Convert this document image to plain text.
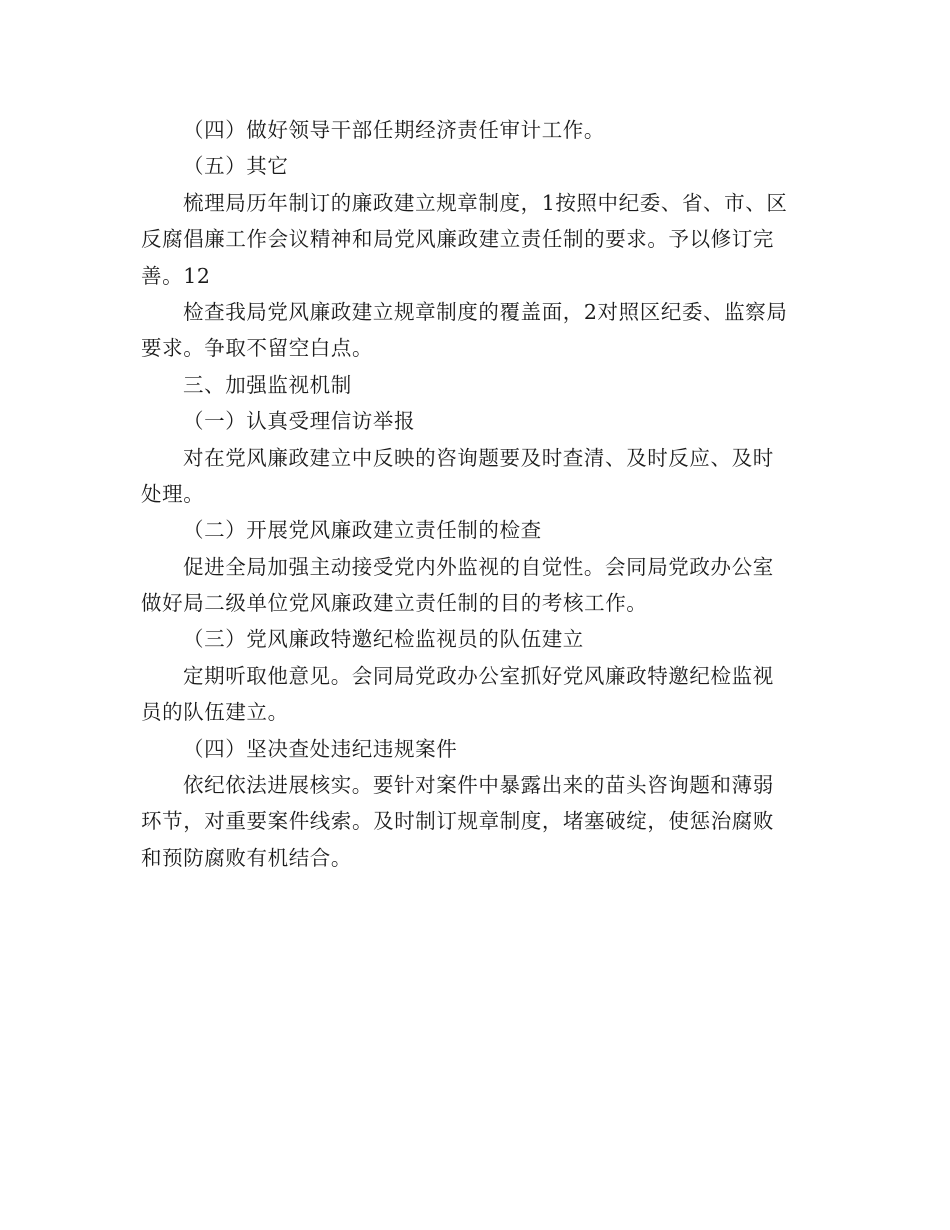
（四）做好领导干部任期经济责任审计工作。
（五）其它
梳理局历年制订的廉政建立规章制度，1按照中纪委、省、市、区
反腐倡廉工作会议精神和局党风廉政建立责任制的要求。予以修订完
善。12
检查我局党风廉政建立规章制度的覆盖面，2对照区纪委、监察局
要求。争取不留空白点。
三、加强监视机制
（一）认真受理信访举报
对在党风廉政建立中反映的咨询题要及时查清、及时反应、及时
处理。
（二）开展党风廉政建立责任制的检查
促进全局加强主动接受党内外监视的自觉性。会同局党政办公室
做好局二级单位党风廉政建立责任制的目的考核工作。
（三）党风廉政特邀纪检监视员的队伍建立
定期听取他意见。会同局党政办公室抓好党风廉政特邀纪检监视
员的队伍建立。
（四）坚决查处违纪违规案件
依纪依法进展核实。要针对案件中暴露出来的苗头咨询题和薄弱
环节，对重要案件线索。及时制订规章制度，堵塞破绽，使惩治腐败
和预防腐败有机结合。
